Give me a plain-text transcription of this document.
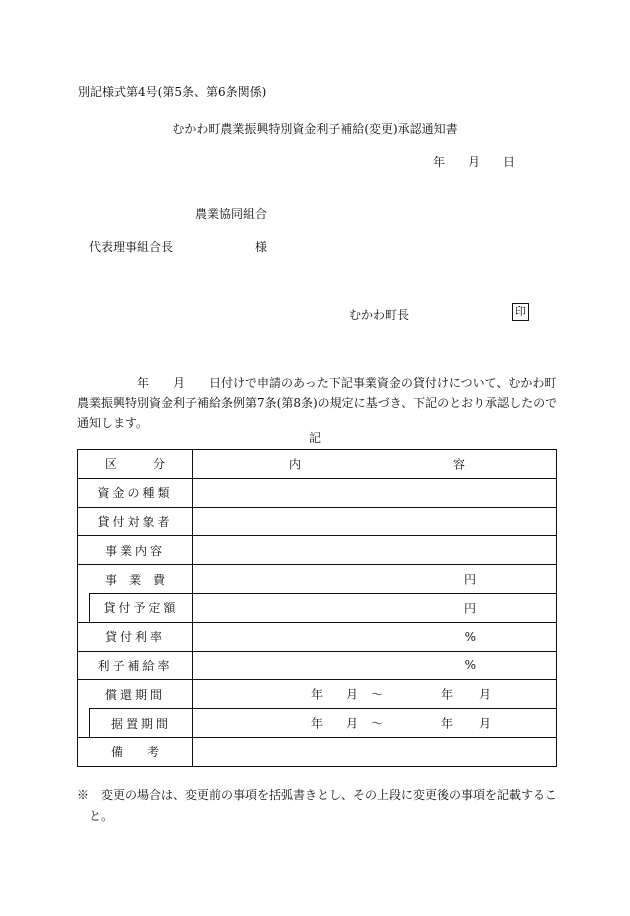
別記様式第4号(第5条、第6条関係)
むかわ町農業振興特別資金利子補給(変更)承認通知書
年 月 日
農業協同組合
代表理事組合長	様
むかわ町長	印
　　　　　年　　月　　日付けで申請のあった下記事業資金の貸付けについて、むかわ町
農業振興特別資金利子補給条例第7条(第8条)の規定に基づき、下記のとおり承認したので
通知します。
記
区　　　分		内 容

資金の種類		
貸付対象者		
事業内容		
事　業　費		円

	貸付予定額	円

貸付利率		%

利子補給率		%

償還期間		年 月 ～ 年 月

	据置期間	年 月 ～ 年 月

備　　考		
※　変更の場合は、変更前の事項を括弧書きとし、その上段に変更後の事項を記載するこ
　と。
